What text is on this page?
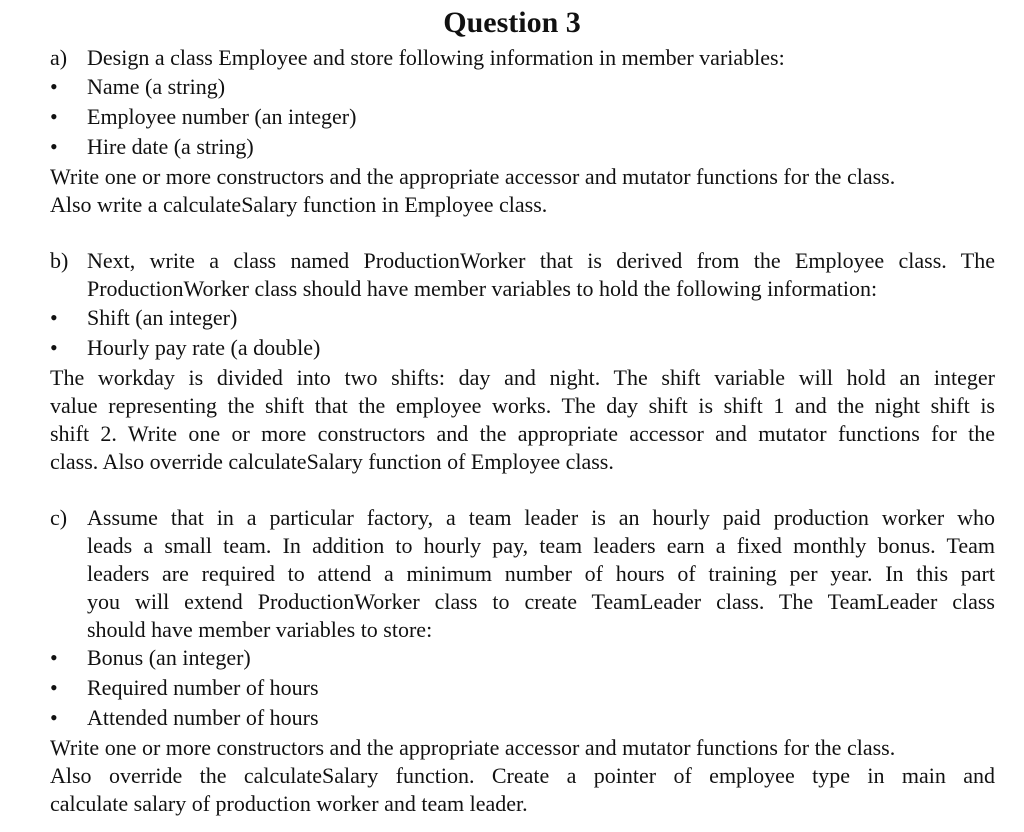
Question 3
a) Design a class Employee and store following information in member variables:
• Name (a string)
• Employee number (an integer)
• Hire date (a string)
Write one or more constructors and the appropriate accessor and mutator functions for the class.
Also write a calculateSalary function in Employee class.
b) Next, write a class named ProductionWorker that is derived from the Employee class. The
ProductionWorker class should have member variables to hold the following information:
• Shift (an integer)
• Hourly pay rate (a double)
The workday is divided into two shifts: day and night. The shift variable will hold an integer
value representing the shift that the employee works. The day shift is shift 1 and the night shift is
shift 2. Write one or more constructors and the appropriate accessor and mutator functions for the
class. Also override calculateSalary function of Employee class.
c) Assume that in a particular factory, a team leader is an hourly paid production worker who
leads a small team. In addition to hourly pay, team leaders earn a fixed monthly bonus. Team
leaders are required to attend a minimum number of hours of training per year. In this part
you will extend ProductionWorker class to create TeamLeader class. The TeamLeader class
should have member variables to store:
• Bonus (an integer)
• Required number of hours
• Attended number of hours
Write one or more constructors and the appropriate accessor and mutator functions for the class.
Also override the calculateSalary function. Create a pointer of employee type in main and
calculate salary of production worker and team leader.
